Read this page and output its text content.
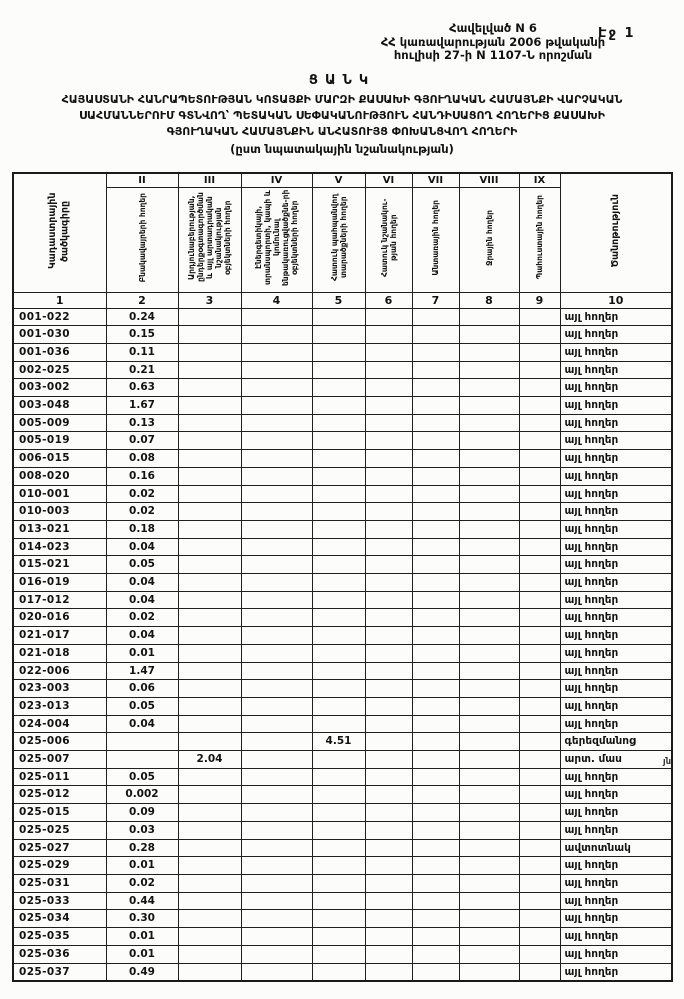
Էջ 1
Հավելված N 6
ՀՀ կառավարության 2006 թվականի
հուլիսի 27-ի N 1107-Ն որոշման
ՑԱՆԿ
ՀԱՅԱՍՏԱՆԻ ՀԱՆՐԱՊԵՏՈՒԹՅԱՆ ԿՈՏԱՅՔԻ ՄԱՐԶԻ ՔԱՍԱԽԻ ԳՅՈՒՂԱԿԱՆ ՀԱՄԱՅՆՔԻ ՎԱՐՉԱԿԱՆ
ՍԱՀՄԱՆՆԵՐՈՒՄ ԳՏՆՎՈՂ՝ ՊԵՏԱԿԱՆ ՍԵՓԱԿԱՆՈՒԹՅՈՒՆ ՀԱՆԴԻՍԱՑՈՂ ՀՈՂԵՐԻՑ ՔԱՍԱԽԻ
ԳՅՈՒՂԱԿԱՆ ՀԱՄԱՅՆՔԻՆ ԱՆՀԱՏՈՒՅՑ ՓՈԽԱՆՑՎՈՂ ՀՈՂԵՐԻ
(ըստ նպատակային նշանակության)
Կադաստրային ծածկագիրը	II	III	IV	V	VI	VII	VIII	IX	Ծանոթություն
	Բնակավայրերի հողեր	Արդյունաբերության, ընդերքօգտագործման և այլ արտադրական նշանակության օբյեկտների հողեր	Էներգետիկայի, տրանսպորտի, կապի և կոմունալ ենթակառուցվածքնե-րի օբյեկտների հողեր	Հատուկ պահպանվող տարածքների հողեր	Հատուկ նշանակու-թյան հողեր	Անտառային հողեր	Ջրային հողեր	Պահուստային հողեր	
1	2	3	4	5	6	7	8	9	10
001-022	0.24								այլ հողեր
001-030	0.15								այլ հողեր
001-036	0.11								այլ հողեր
002-025	0.21								այլ հողեր
003-002	0.63								այլ հողեր
003-048	1.67								այլ հողեր
005-009	0.13								այլ հողեր
005-019	0.07								այլ հողեր
006-015	0.08								այլ հողեր
008-020	0.16								այլ հողեր
010-001	0.02								այլ հողեր
010-003	0.02								այլ հողեր
013-021	0.18								այլ հողեր
014-023	0.04								այլ հողեր
015-021	0.05								այլ հողեր
016-019	0.04								այլ հողեր
017-012	0.04								այլ հողեր
020-016	0.02								այլ հողեր
021-017	0.04								այլ հողեր
021-018	0.01								այլ հողեր
022-006	1.47								այլ հողեր
023-003	0.06								այլ հողեր
023-013	0.05								այլ հողեր
024-004	0.04								այլ հողեր
025-006				4.51					գերեզմանոց
025-007		2.04							արտ. մաս
025-011	0.05								այլ հողեր
025-012	0.002								այլ հողեր
025-015	0.09								այլ հողեր
025-025	0.03								այլ հողեր
025-027	0.28								ավտոտնակ
025-029	0.01								այլ հողեր
025-031	0.02								այլ հողեր
025-033	0.44								այլ հողեր
025-034	0.30								այլ հողեր
025-035	0.01								այլ հողեր
025-036	0.01								այլ հողեր
025-037	0.49								այլ հողեր
յն
